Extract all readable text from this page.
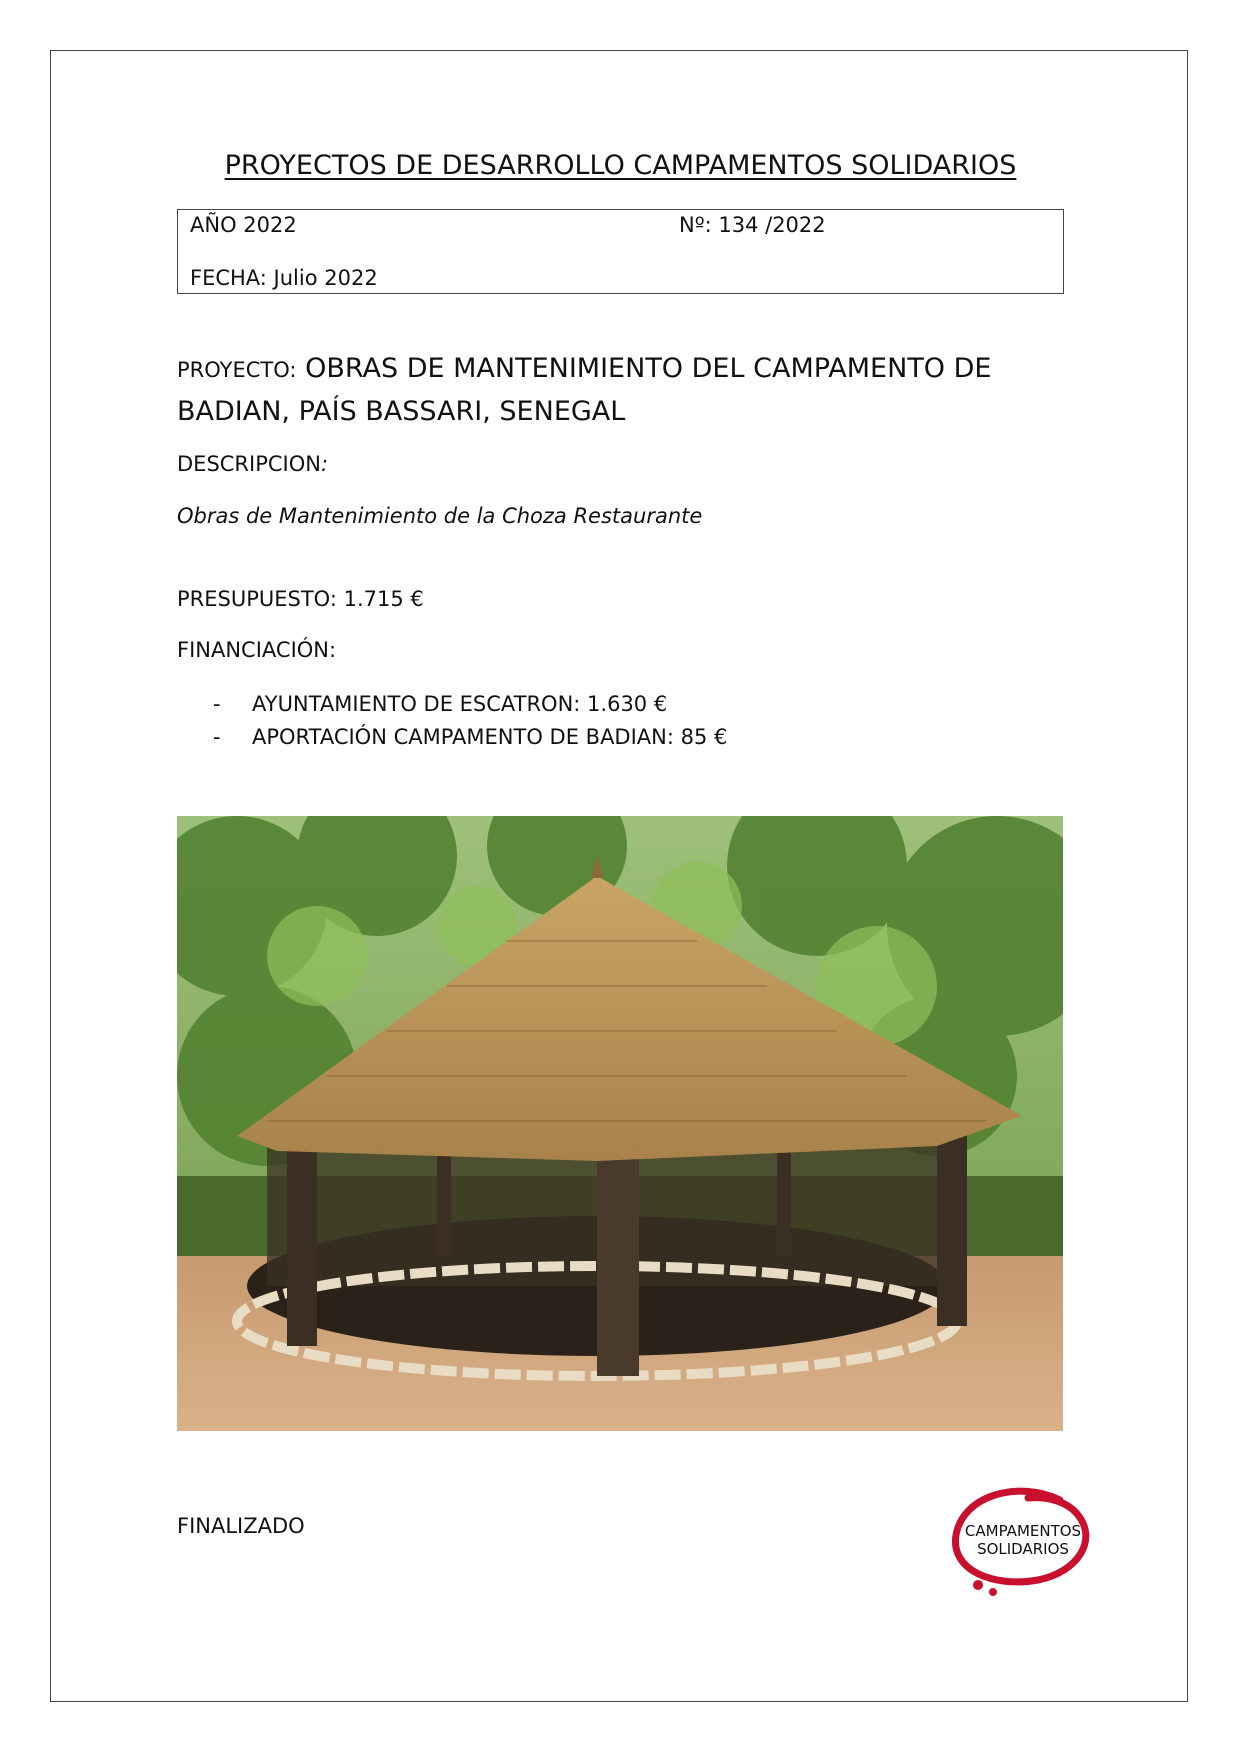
PROYECTOS DE DESARROLLO CAMPAMENTOS SOLIDARIOS
AÑO 2022	Nº: 134 /2022
FECHA: Julio 2022
PROYECTO: OBRAS DE MANTENIMIENTO DEL CAMPAMENTO DE
BADIAN, PAÍS BASSARI, SENEGAL
DESCRIPCION:
Obras de Mantenimiento de la Choza Restaurante
PRESUPUESTO: 1.715 €
FINANCIACIÓN:
-	AYUNTAMIENTO DE ESCATRON: 1.630 €
-	APORTACIÓN CAMPAMENTO DE BADIAN: 85 €
FINALIZADO	CAMPAMENTOS
SOLIDARIOS
